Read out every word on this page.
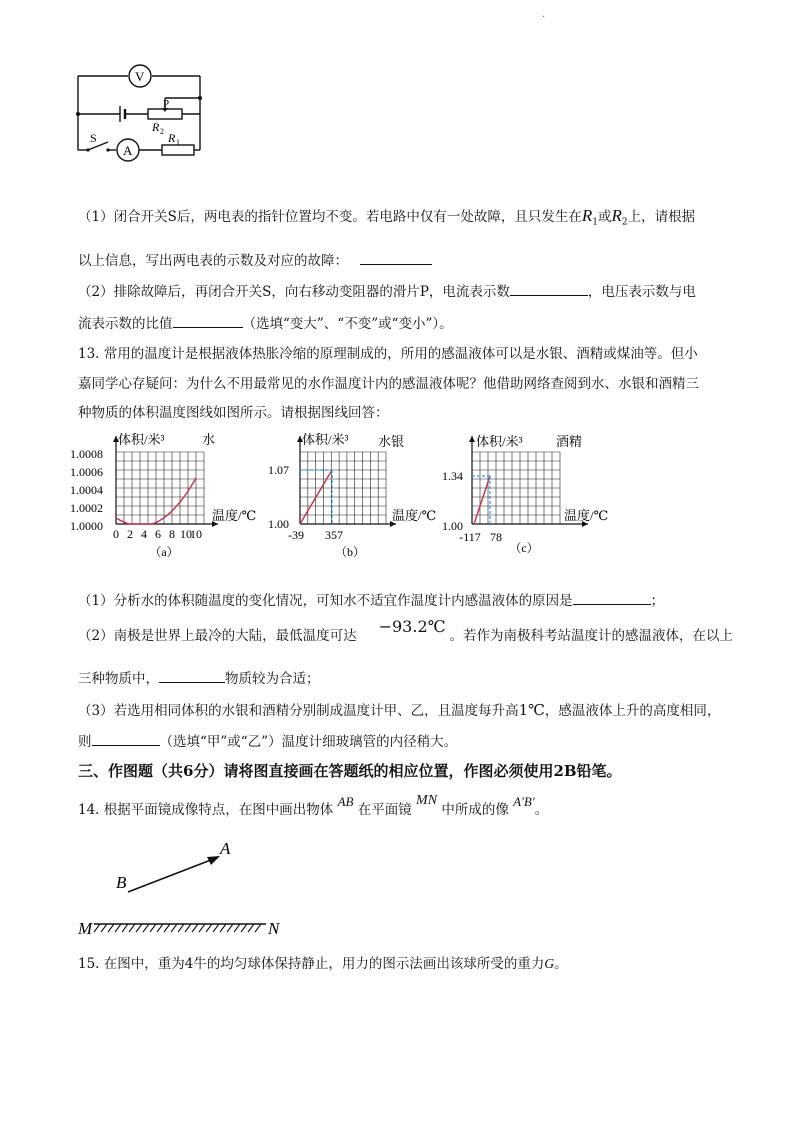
·
V
A
P
R 2 R 1
S
（1）闭合开关S后，两电表的指针位置均不变。若电路中仅有一处故障，且只发生在$R_1$或$R_2$上，请根据
以上信息，写出两电表的示数及对应的故障：
（2）排除故障后，再闭合开关S，向右移动变阻器的滑片P，电流表示数	，电压表示数与电
流表示数的比值	（选填“变大”、“不变”或“变小”）。
13. 常用的温度计是根据液体热胀冷缩的原理制成的，所用的感温液体可以是水银、酒精或煤油等。但小
嘉同学心存疑问：为什么不用最常见的水作温度计内的感温液体呢？他借助网络查阅到水、水银和酒精三
种物质的体积温度图线如图所示。请根据图线回答：
1.0008
1.0006
1.0004
1.0002
1.0000
0 2 4 6 8 10
10
体积/米³	水
温度/℃
（a）
1.07
1.00
-39 357
体积/米³ 水银
温度/℃
（b）
1.34
1.00
-117 78
体积/米³	酒精
温度/℃
（c）
（1）分析水的体积随温度的变化情况，可知水不适宜作温度计内感温液体的原因是	；
（2）南极是世界上最冷的大陆，最低温度可达 −93.2℃ 。若作为南极科考站温度计的感温液体，在以上
三种物质中，	物质较为合适；
（3）若选用相同体积的水银和酒精分别制成温度计甲、乙，且温度每升高1℃，感温液体上升的高度相同，
则	（选填“甲”或“乙”）温度计细玻璃管的内径稍大。
三、作图题（共6分）请将图直接画在答题纸的相应位置，作图必须使用2B铅笔。
14. 根据平面镜成像特点，在图中画出物体 AB 在平面镜 MN 中所成的像 A′B′。
A
B
M	N
15. 在图中，重为4牛的均匀球体保持静止，用力的图示法画出该球所受的重力G。
